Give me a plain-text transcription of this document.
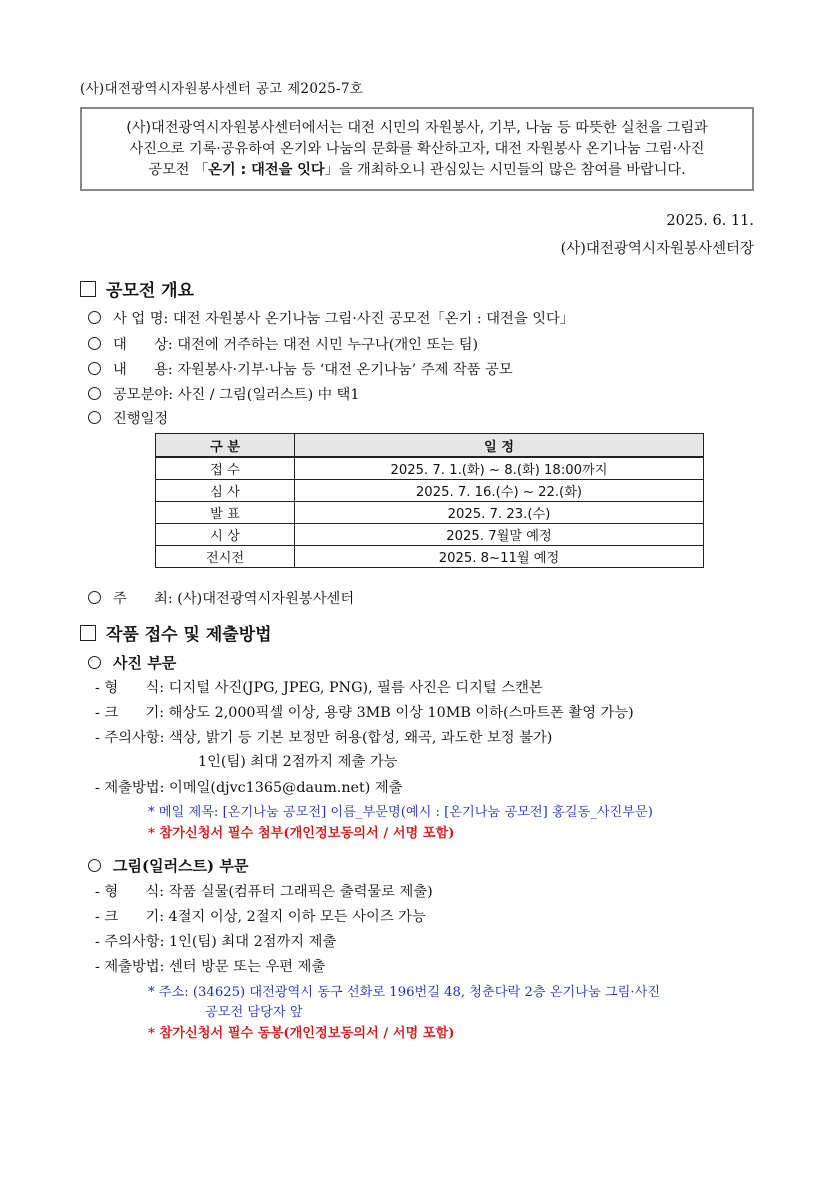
(사)대전광역시자원봉사센터 공고 제2025-7호
(사)대전광역시자원봉사센터에서는 대전 시민의 자원봉사, 기부, 나눔 등 따뜻한 실천을 그림과
사진으로 기록·공유하여 온기와 나눔의 문화를 확산하고자, 대전 자원봉사 온기나눔 그림·사진
공모전 「온기 : 대전을 잇다」을 개최하오니 관심있는 시민들의 많은 참여를 바랍니다.
2025. 6. 11.
(사)대전광역시자원봉사센터장
공모전 개요
사 업 명: 대전 자원봉사 온기나눔 그림·사진 공모전「온기 : 대전을 잇다」
대      상: 대전에 거주하는 대전 시민 누구나(개인 또는 팀)
내      용: 자원봉사·기부·나눔 등 ‘대전 온기나눔’ 주제 작품 공모
공모분야: 사진 / 그림(일러스트) 中 택1
진행일정
구 분	일 정
접 수	2025. 7. 1.(화) ~ 8.(화) 18:00까지
심 사	2025. 7. 16.(수) ~ 22.(화)
발 표	2025. 7. 23.(수)
시 상	2025. 7월말 예정
전시전	2025. 8~11월 예정
주      최: (사)대전광역시자원봉사센터
작품 접수 및 제출방법
사진 부문
- 형      식: 디지털 사진(JPG, JPEG, PNG), 필름 사진은 디지털 스캔본
- 크      기: 해상도 2,000픽셀 이상, 용량 3MB 이상 10MB 이하(스마트폰 촬영 가능)
- 주의사항: 색상, 밝기 등 기본 보정만 허용(합성, 왜곡, 과도한 보정 불가)
1인(팀) 최대 2점까지 제출 가능
- 제출방법: 이메일(djvc1365@daum.net) 제출
* 메일 제목: [온기나눔 공모전] 이름_부문명(예시 : [온기나눔 공모전] 홍길동_사진부문)
* 참가신청서 필수 첨부(개인정보동의서 / 서명 포함)
그림(일러스트) 부문
- 형      식: 작품 실물(컴퓨터 그래픽은 출력물로 제출)
- 크      기: 4절지 이상, 2절지 이하 모든 사이즈 가능
- 주의사항: 1인(팀) 최대 2점까지 제출
- 제출방법: 센터 방문 또는 우편 제출
* 주소: (34625) 대전광역시 동구 선화로 196번길 48, 청춘다락 2층 온기나눔 그림·사진
공모전 담당자 앞
* 참가신청서 필수 동봉(개인정보동의서 / 서명 포함)
